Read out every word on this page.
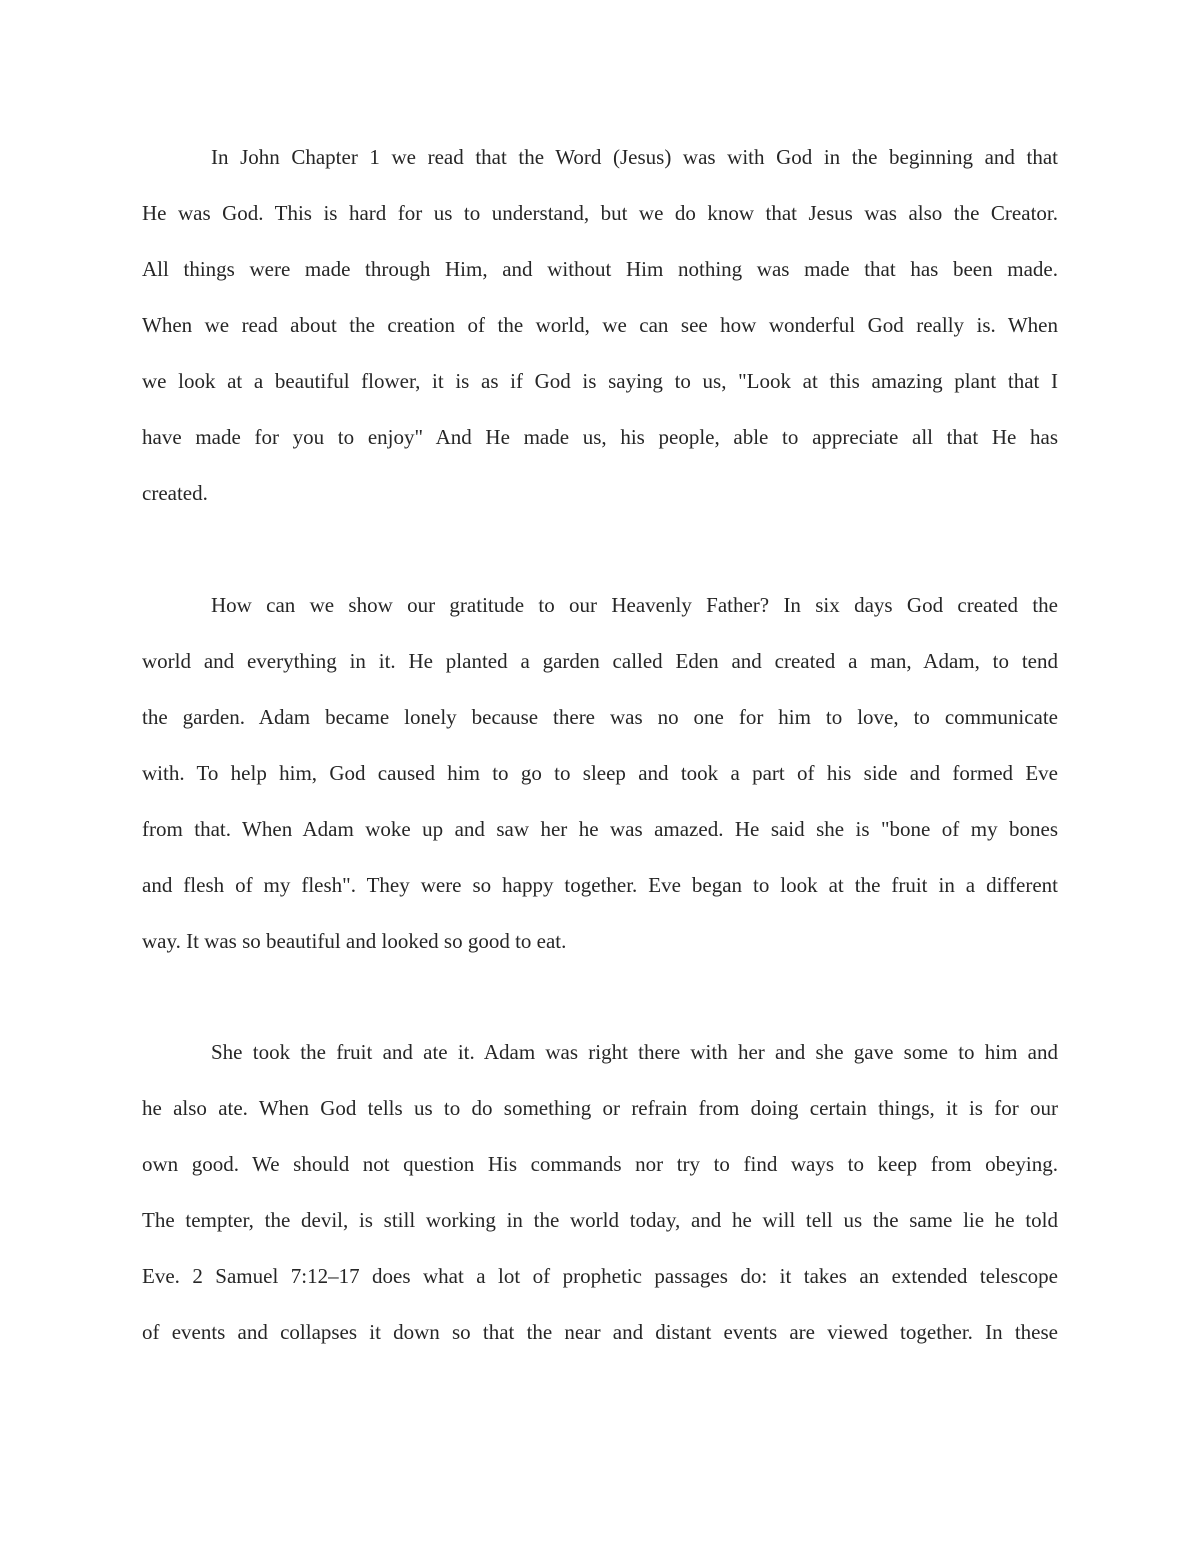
In John Chapter 1 we read that the Word (Jesus) was with God in the beginning and that
He was God. This is hard for us to understand, but we do know that Jesus was also the Creator.
All things were made through Him, and without Him nothing was made that has been made.
When we read about the creation of the world, we can see how wonderful God really is. When
we look at a beautiful flower, it is as if God is saying to us, "Look at this amazing plant that I
have made for you to enjoy" And He made us, his people, able to appreciate all that He has
created.
How can we show our gratitude to our Heavenly Father? In six days God created the
world and everything in it. He planted a garden called Eden and created a man, Adam, to tend
the garden. Adam became lonely because there was no one for him to love, to communicate
with. To help him, God caused him to go to sleep and took a part of his side and formed Eve
from that. When Adam woke up and saw her he was amazed. He said she is "bone of my bones
and flesh of my flesh". They were so happy together. Eve began to look at the fruit in a different
way. It was so beautiful and looked so good to eat.
She took the fruit and ate it. Adam was right there with her and she gave some to him and
he also ate. When God tells us to do something or refrain from doing certain things, it is for our
own good. We should not question His commands nor try to find ways to keep from obeying.
The tempter, the devil, is still working in the world today, and he will tell us the same lie he told
Eve. 2 Samuel 7:12–17 does what a lot of prophetic passages do: it takes an extended telescope
of events and collapses it down so that the near and distant events are viewed together. In these
